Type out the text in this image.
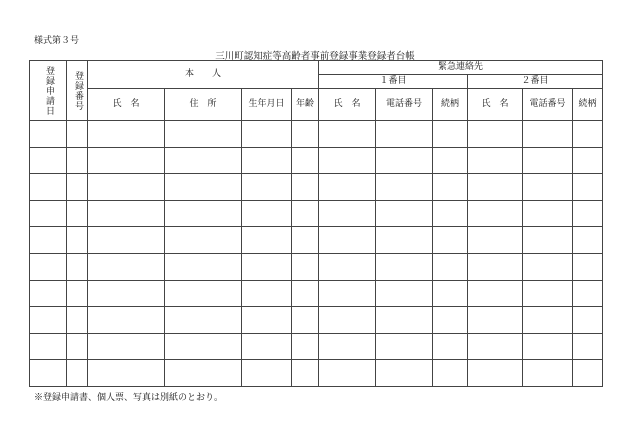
様式第３号
三川町認知症等高齢者事前登録事業登録者台帳
登録申請日	登録番号	本　　人				緊急連絡先					
						１番目			２番目		
		氏　名	住　所	生年月日	年齢	氏　名	電話番号	続柄	氏　名	電話番号	続柄

※登録申請書、個人票、写真は別紙のとおり。
